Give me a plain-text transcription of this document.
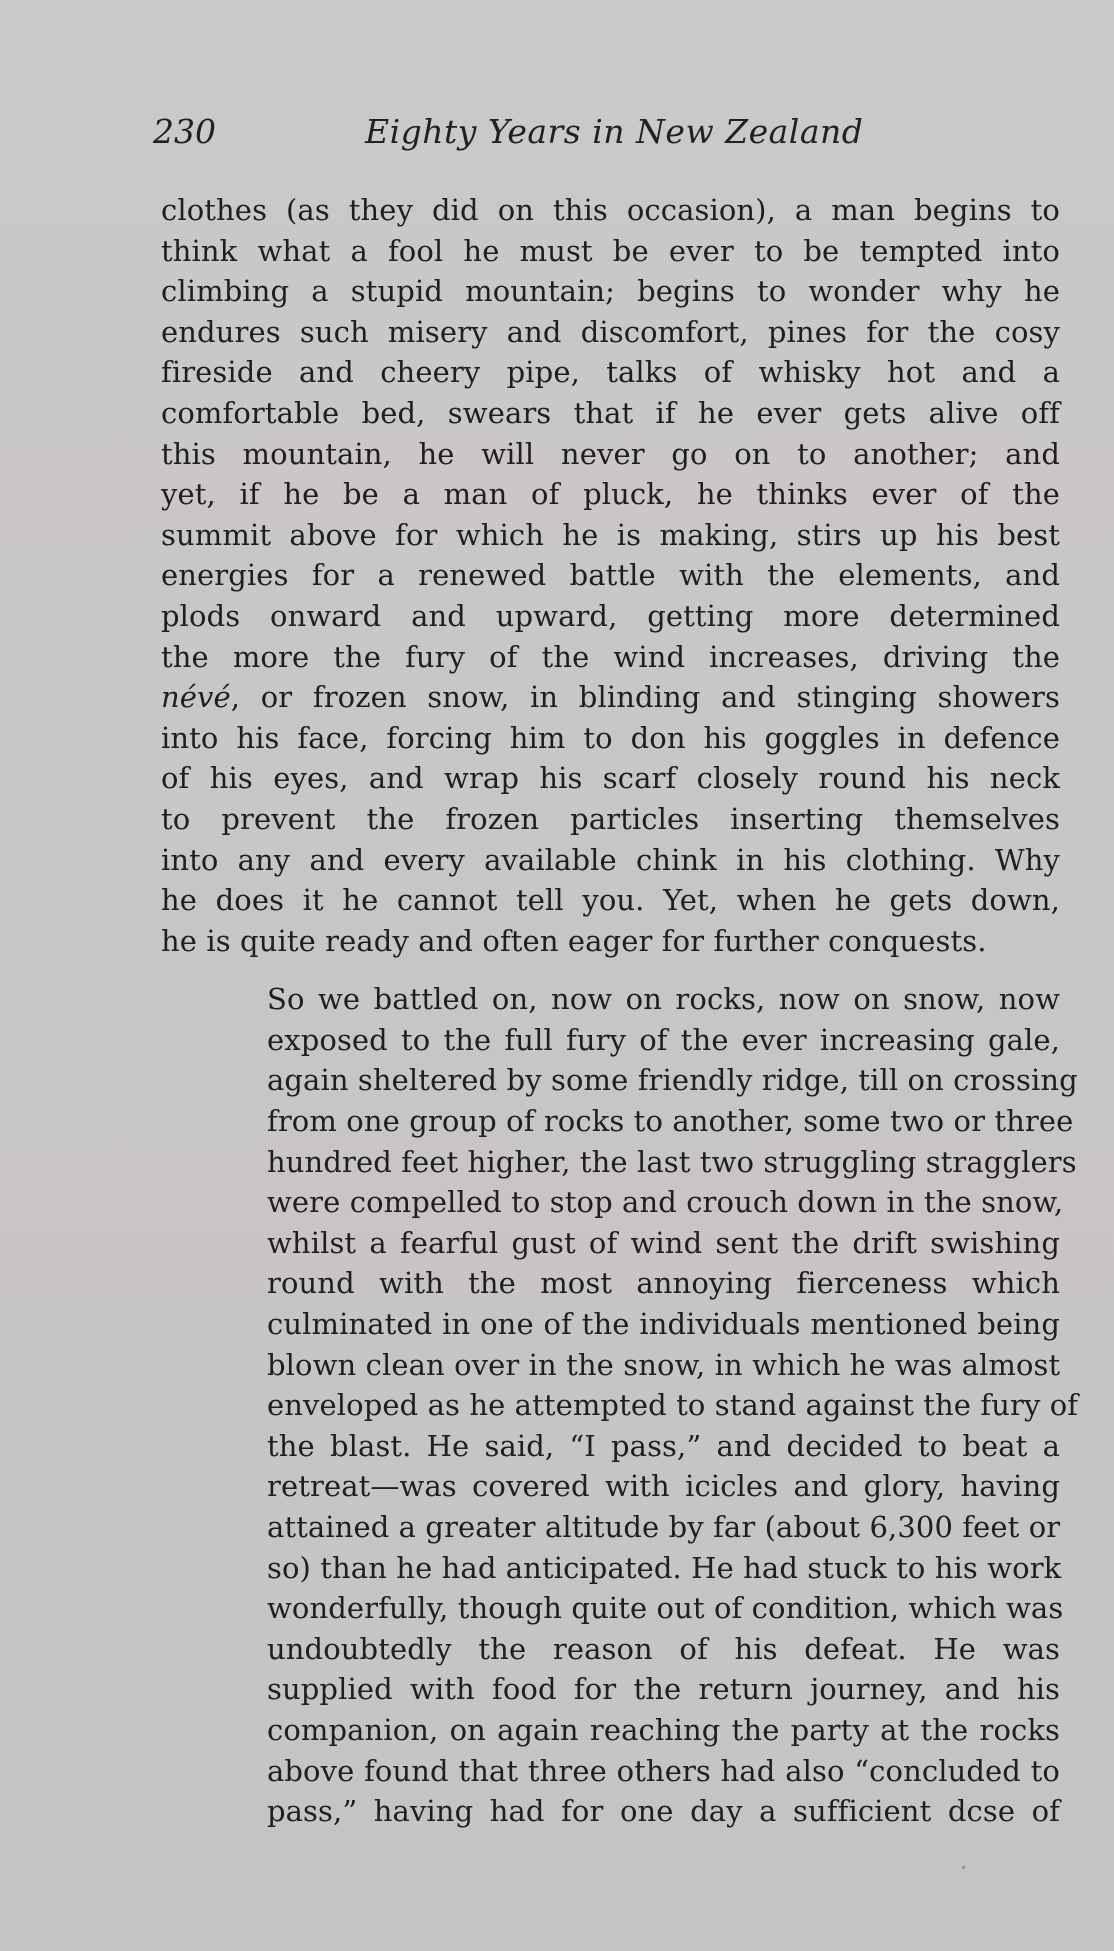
230	Eighty Years in New Zealand

clothes (as they did on this occasion), a man begins to
think what a fool he must be ever to be tempted into
climbing a stupid mountain; begins to wonder why he
endures such misery and discomfort, pines for the cosy
fireside and cheery pipe, talks of whisky hot and a
comfortable bed, swears that if he ever gets alive off
this mountain, he will never go on to another; and
yet, if he be a man of pluck, he thinks ever of the
summit above for which he is making, stirs up his best
energies for a renewed battle with the elements, and
plods onward and upward, getting more determined
the more the fury of the wind increases, driving the
névé, or frozen snow, in blinding and stinging showers
into his face, forcing him to don his goggles in defence
of his eyes, and wrap his scarf closely round his neck
to prevent the frozen particles inserting themselves
into any and every available chink in his clothing. Why
he does it he cannot tell you. Yet, when he gets down,
he is quite ready and often eager for further conquests.

So we battled on, now on rocks, now on snow, now
exposed to the full fury of the ever increasing gale,
again sheltered by some friendly ridge, till on crossing
from one group of rocks to another, some two or three
hundred feet higher, the last two struggling stragglers
were compelled to stop and crouch down in the snow,
whilst a fearful gust of wind sent the drift swishing
round with the most annoying fierceness which
culminated in one of the individuals mentioned being
blown clean over in the snow, in which he was almost
enveloped as he attempted to stand against the fury of
the blast. He said, “I pass,” and decided to beat a
retreat—was covered with icicles and glory, having
attained a greater altitude by far (about 6,300 feet or
so) than he had anticipated. He had stuck to his work
wonderfully, though quite out of condition, which was
undoubtedly the reason of his defeat. He was
supplied with food for the return journey, and his
companion, on again reaching the party at the rocks
above found that three others had also “concluded to
pass,” having had for one day a sufficient dcse of
